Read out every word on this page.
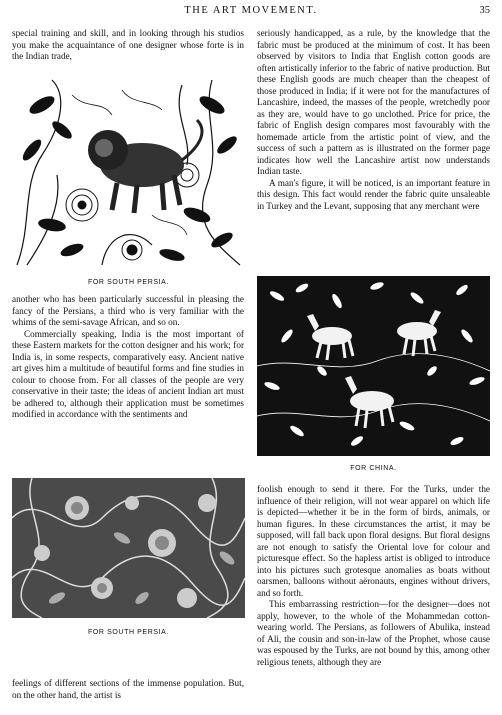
THE ART MOVEMENT.	35

special training and skill, and in looking through his studios you make the acquaintance of one designer whose forte is in the Indian trade,

FOR SOUTH PERSIA.

seriously handicapped, as a rule, by the knowledge that the fabric must be produced at the minimum of cost. It has been observed by visitors to India that English cotton goods are often artistically inferior to the fabric of native production. But these English goods are much cheaper than the cheapest of those produced in India; if it were not for the manufactures of Lancashire, indeed, the masses of the people, wretchedly poor as they are, would have to go unclothed. Price for price, the fabric of English design compares most favourably with the homemade article from the artistic point of view, and the success of such a pattern as is illustrated on the former page indicates how well the Lancashire artist now understands Indian taste.

A man's figure, it will be noticed, is an important feature in this design. This fact would render the fabric quite unsaleable in Turkey and the Levant, supposing that any merchant were

another who has been particularly successful in pleasing the fancy of the Persians, a third who is very familiar with the whims of the semi-savage African, and so on.

Commercially speaking, India is the most important of these Eastern markets for the cotton designer and his work; for India is, in some respects, comparatively easy. Ancient native art gives him a multitude of beautiful forms and fine studies in colour to choose from. For all classes of the people are very conservative in their taste; the ideas of ancient Indian art must be adhered to, although their application must be sometimes modified in accordance with the sentiments and

FOR CHINA.
FOR SOUTH PERSIA.

feelings of different sections of the immense population. But, on the other hand, the artist is

foolish enough to send it there. For the Turks, under the influence of their religion, will not wear apparel on which life is depicted—whether it be in the form of birds, animals, or human figures. In these circumstances the artist, it may be supposed, will fall back upon floral designs. But floral designs are not enough to satisfy the Oriental love for colour and picturesque effect. So the hapless artist is obliged to introduce into his pictures such grotesque anomalies as boats without oarsmen, balloons without aëronauts, engines without drivers, and so forth.

This embarrassing restriction—for the designer—does not apply, however, to the whole of the Mohammedan cotton-wearing world. The Persians, as followers of Abulika, instead of Ali, the cousin and son-in-law of the Prophet, whose cause was espoused by the Turks, are not bound by this, among other religious tenets, although they are
